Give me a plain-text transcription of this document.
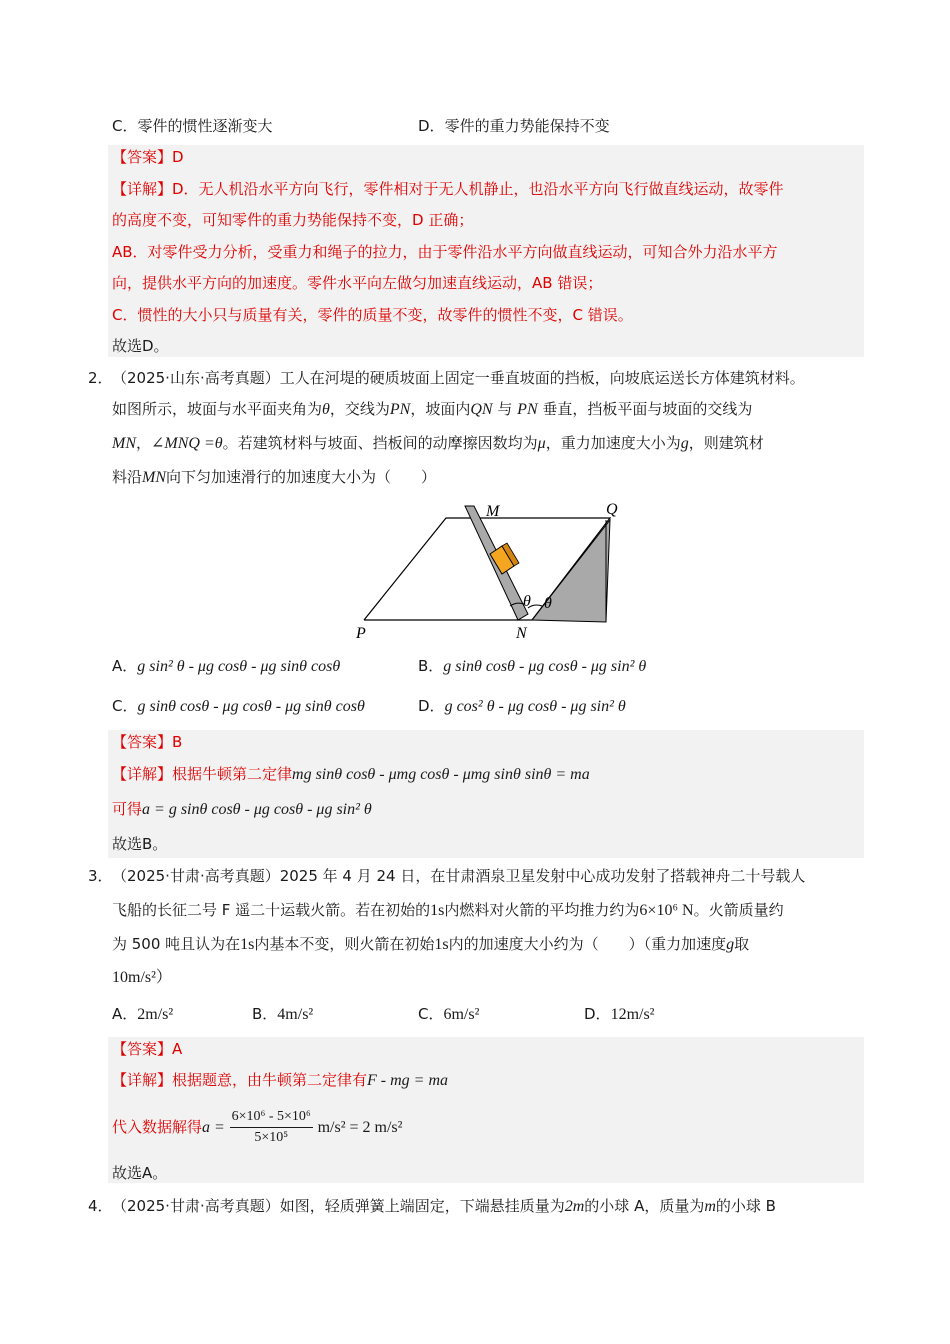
C．零件的惯性逐渐变大	D．零件的重力势能保持不变
【答案】D
【详解】D．无人机沿水平方向飞行，零件相对于无人机静止，也沿水平方向飞行做直线运动，故零件
的高度不变，可知零件的重力势能保持不变，D 正确；
AB．对零件受力分析，受重力和绳子的拉力，由于零件沿水平方向做直线运动，可知合外力沿水平方
向，提供水平方向的加速度。零件水平向左做匀加速直线运动，AB 错误；
C．惯性的大小只与质量有关，零件的质量不变，故零件的惯性不变，C 错误。
故选D。
2． （2025·山东·高考真题）工人在河堤的硬质坡面上固定一垂直坡面的挡板，向坡底运送长方体建筑材料。
如图所示，坡面与水平面夹角为θ，交线为PN，坡面内QN 与 PN 垂直，挡板平面与坡面的交线为
MN，∠MNQ =θ。若建筑材料与坡面、挡板间的动摩擦因数均为μ，重力加速度大小为g，则建筑材
料沿MN向下匀加速滑行的加速度大小为（　　）
M	Q
P	N
θ θ
A．g sin² θ - μg cosθ - μg sinθ cosθ	B．g sinθ cosθ - μg cosθ - μg sin² θ
C．g sinθ cosθ - μg cosθ - μg sinθ cosθ	D．g cos² θ - μg cosθ - μg sin² θ
【答案】B
【详解】根据牛顿第二定律mg sinθ cosθ - μmg cosθ - μmg sinθ sinθ = ma
可得a = g sinθ cosθ - μg cosθ - μg sin² θ
故选B。
3． （2025·甘肃·高考真题）2025 年 4 月 24 日，在甘肃酒泉卫星发射中心成功发射了搭载神舟二十号载人
飞船的长征二号 F 遥二十运载火箭。若在初始的1s内燃料对火箭的平均推力约为6×10⁶ N。火箭质量约
为 500 吨且认为在1s内基本不变，则火箭在初始1s内的加速度大小约为（　　）（重力加速度g取
10m/s²）
A．2m/s²	B．4m/s²	C．6m/s²	D．12m/s²
【答案】A
【详解】根据题意，由牛顿第二定律有F - mg = ma
代入数据解得$a = \frac{\text{6×10⁶ - 5×10⁶}}{\text{5×10⁵}} m/s^2 = 2$ m/s²
故选A。
4． （2025·甘肃·高考真题）如图，轻质弹簧上端固定，下端悬挂质量为2m的小球 A，质量为m的小球 B
